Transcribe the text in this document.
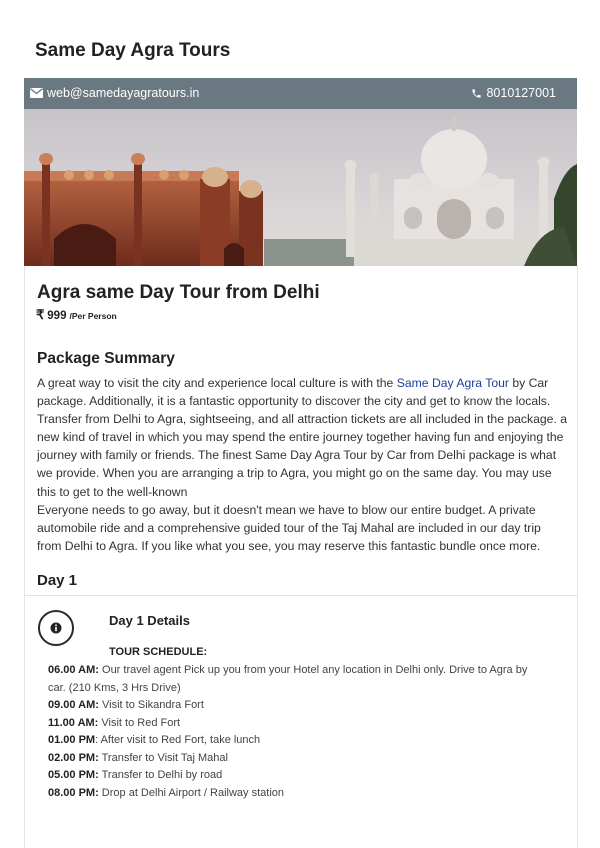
Same Day Agra Tours
web@samedayagratours.in	8010127001
Agra same Day Tour from Delhi
₹ 999 /Per Person
Package Summary

A great way to visit the city and experience local culture is with the Same Day Agra Tour by Car package. Additionally, it is a fantastic opportunity to discover the city and get to know the locals. Transfer from Delhi to Agra, sightseeing, and all attraction tickets are all included in the package. a new kind of travel in which you may spend the entire journey together having fun and enjoying the journey with family or friends. The finest Same Day Agra Tour by Car from Delhi package is what we provide. When you are arranging a trip to Agra, you might go on the same day. You may use this to get to the well-known
Everyone needs to go away, but it doesn't mean we have to blow our entire budget. A private automobile ride and a comprehensive guided tour of the Taj Mahal are included in our day trip from Delhi to Agra. If you like what you see, you may reserve this fantastic bundle once more.

Day 1
Day 1 Details
TOUR SCHEDULE:
06.00 AM: Our travel agent Pick up you from your Hotel any location in Delhi only. Drive to Agra by car. (210 Kms, 3 Hrs Drive)
09.00 AM: Visit to Sikandra Fort
11.00 AM: Visit to Red Fort
01.00 PM: After visit to Red Fort, take lunch
02.00 PM: Transfer to Visit Taj Mahal
05.00 PM: Transfer to Delhi by road
08.00 PM: Drop at Delhi Airport / Railway station
